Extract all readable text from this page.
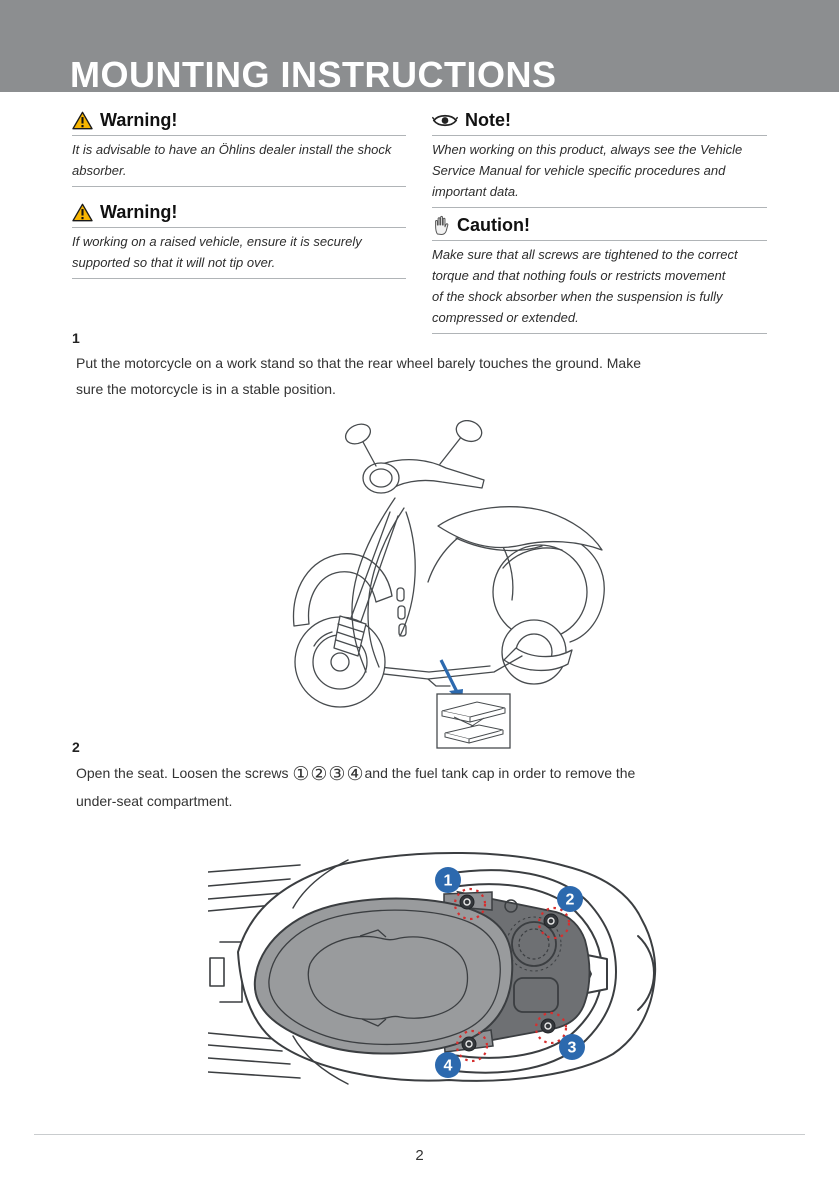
MOUNTING INSTRUCTIONS
Warning!
It is advisable to have an Öhlins dealer install the shock
absorber.
Warning!
If working on a raised vehicle, ensure it is securely
supported so that it will not tip over.
Note!
When working on this product, always see the Vehicle
Service Manual for vehicle specific procedures and
important data.
Caution!
Make sure that all screws are tightened to the correct
torque and that nothing fouls or restricts movement
of the shock absorber when the suspension is fully
compressed or extended.
1
Put the motorcycle on a work stand so that the rear wheel barely touches the ground. Make
sure the motorcycle is in a stable position.
2
Open the seat. Loosen the screws ①②③④and the fuel tank cap in order to remove the
under-seat compartment.
1
2
3
4
2
